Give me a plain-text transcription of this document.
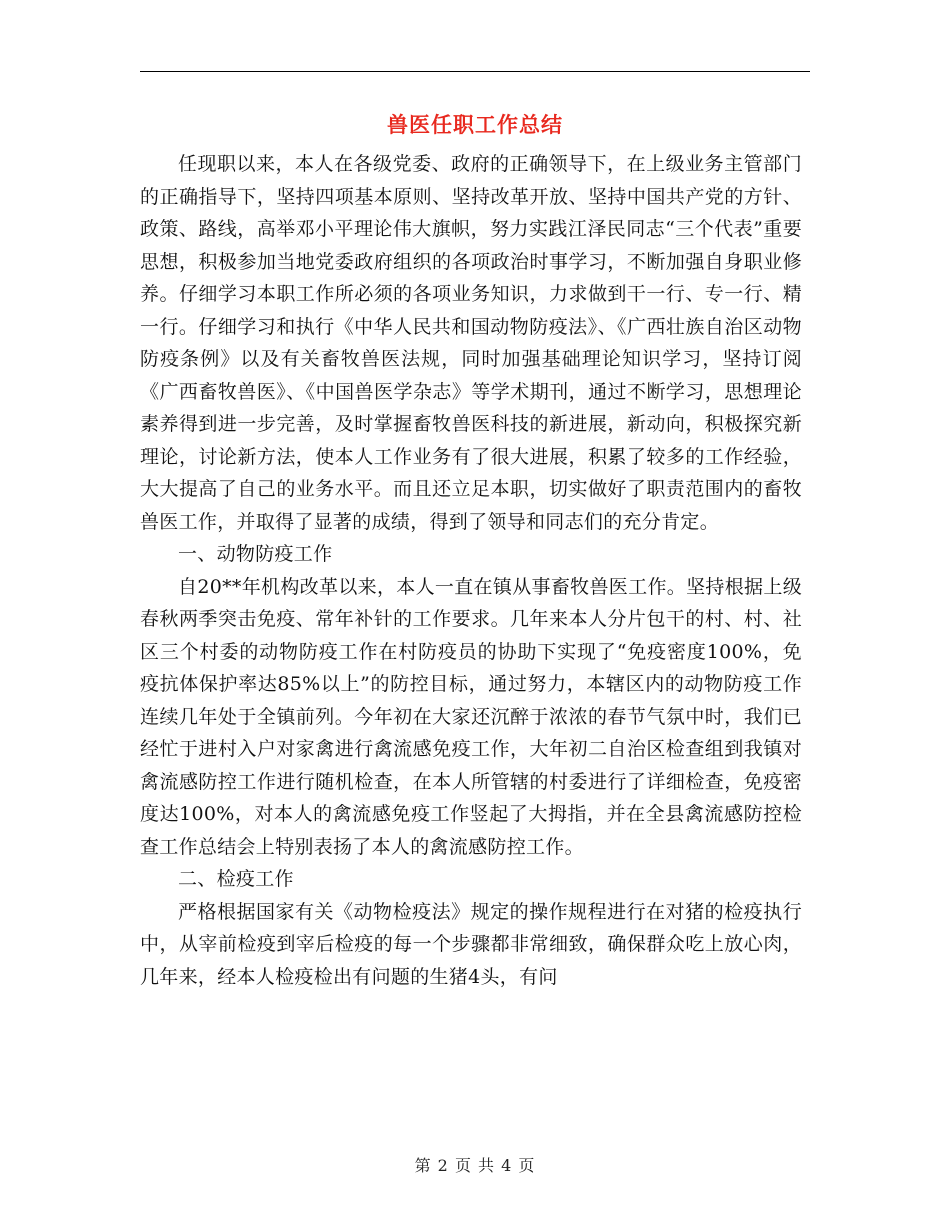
兽医任职工作总结

任现职以来，本人在各级党委、政府的正确领导下，在上级业务主管部门的正确指导下，坚持四项基本原则、坚持改革开放、坚持中国共产党的方针、政策、路线，高举邓小平理论伟大旗帜，努力实践江泽民同志“三个代表”重要思想，积极参加当地党委政府组织的各项政治时事学习，不断加强自身职业修养。仔细学习本职工作所必须的各项业务知识，力求做到干一行、专一行、精一行。仔细学习和执行《中华人民共和国动物防疫法》、《广西壮族自治区动物防疫条例》以及有关畜牧兽医法规，同时加强基础理论知识学习，坚持订阅《广西畜牧兽医》、《中国兽医学杂志》等学术期刊，通过不断学习，思想理论素养得到进一步完善，及时掌握畜牧兽医科技的新进展，新动向，积极探究新理论，讨论新方法，使本人工作业务有了很大进展，积累了较多的工作经验，大大提高了自己的业务水平。而且还立足本职，切实做好了职责范围内的畜牧兽医工作，并取得了显著的成绩，得到了领导和同志们的充分肯定。

一、动物防疫工作

自20**年机构改革以来，本人一直在镇从事畜牧兽医工作。坚持根据上级春秋两季突击免疫、常年补针的工作要求。几年来本人分片包干的村、村、社区三个村委的动物防疫工作在村防疫员的协助下实现了“免疫密度100%，免疫抗体保护率达85%以上”的防控目标，通过努力，本辖区内的动物防疫工作连续几年处于全镇前列。今年初在大家还沉醉于浓浓的春节气氛中时，我们已经忙于进村入户对家禽进行禽流感免疫工作，大年初二自治区检查组到我镇对禽流感防控工作进行随机检查，在本人所管辖的村委进行了详细检查，免疫密度达100%，对本人的禽流感免疫工作竖起了大拇指，并在全县禽流感防控检查工作总结会上特别表扬了本人的禽流感防控工作。

二、检疫工作

严格根据国家有关《动物检疫法》规定的操作规程进行在对猪的检疫执行中，从宰前检疫到宰后检疫的每一个步骤都非常细致，确保群众吃上放心肉，几年来，经本人检疫检出有问题的生猪4头，有问

第 2 页 共 4 页
